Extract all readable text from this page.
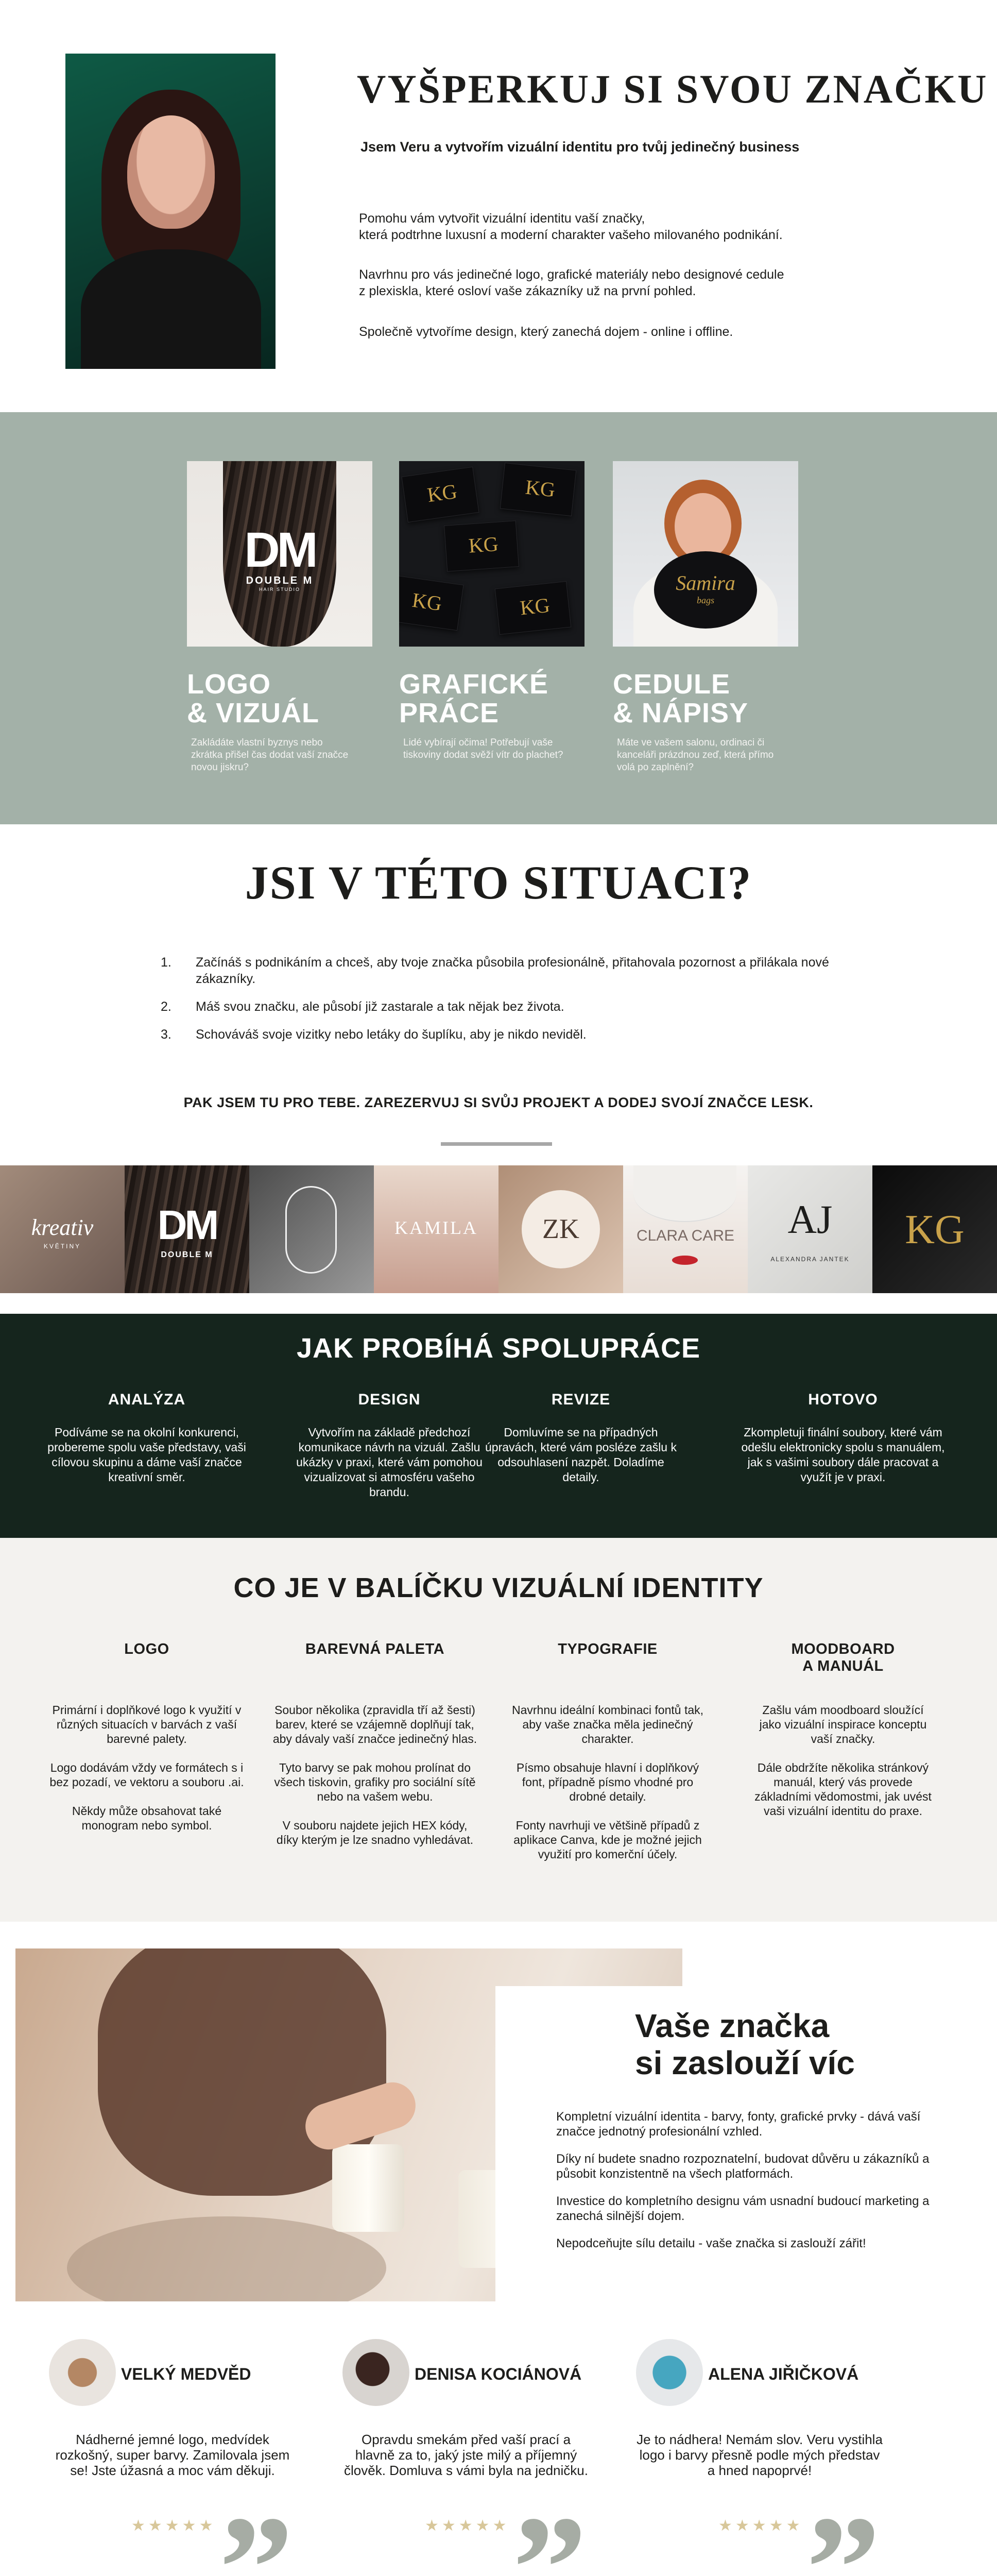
VYŠPERKUJ SI SVOU ZNAČKU
Jsem Veru a vytvořím vizuální identitu pro tvůj jedinečný business
Pomohu vám vytvořit vizuální identitu vaší značky,
která podtrhne luxusní a moderní charakter vašeho milovaného podnikání.
Navrhnu pro vás jedinečné logo, grafické materiály nebo designové cedule
z plexiskla, které osloví vaše zákazníky už na první pohled.
Společně vytvoříme design, který zanechá dojem - online i offline.
DM
DOUBLE M
HAIR STUDIO
LOGO
& VIZUÁL
Zakládáte vlastní byznys nebo zkrátka přišel čas dodat vaší značce novou jiskru?
KG	KG
KG
KG	KG
GRAFICKÉ
PRÁCE
Lidé vybírají očima! Potřebují vaše tiskoviny dodat svěží vítr do plachet?
Samira
bags
CEDULE
& NÁPISY
Máte ve vašem salonu, ordinaci či kanceláři prázdnou zeď, která přímo volá po zaplnění?
JSI V TÉTO SITUACI?
1.	Začínáš s podnikáním a chceš, aby tvoje značka působila profesionálně, přitahovala pozornost a přilákala nové zákazníky.
2.	Máš svou značku, ale působí již zastarale a tak nějak bez života.
3.	Schováváš svoje vizitky nebo letáky do šuplíku, aby je nikdo neviděl.
PAK JSEM TU PRO TEBE. ZAREZERVUJ SI SVŮJ PROJEKT A DODEJ SVOJÍ ZNAČCE LESK.
kreativ
KVĚTINY	DM
DOUBLE M
KAMILA	ZK	CLARA CARE	AJ
ALEXANDRA JANTEK
KG
JAK PROBÍHÁ SPOLUPRÁCE
ANALÝZA

Podíváme se na okolní konkurenci, probereme spolu vaše představy, vaši cílovou skupinu a dáme vaší značce kreativní směr.

DESIGN

Vytvořím na základě předchozí komunikace návrh na vizuál. Zašlu ukázky v praxi, které vám pomohou vizualizovat si atmosféru vašeho brandu.

REVIZE

Domluvíme se na případných úpravách, které vám posléze zašlu k odsouhlasení nazpět. Doladíme detaily.

HOTOVO

Zkompletuji finální soubory, které vám odešlu elektronicky spolu s manuálem, jak s vašimi soubory dále pracovat a využít je v praxi.

CO JE V BALÍČKU VIZUÁLNÍ IDENTITY
LOGO

Primární i doplňkové logo k využití v různých situacích v barvách z vaší barevné palety.

Logo dodávám vždy ve formátech s i bez pozadí, ve vektoru a souboru .ai.

Někdy může obsahovat také monogram nebo symbol.

BAREVNÁ PALETA

Soubor několika (zpravidla tří až šesti) barev, které se vzájemně doplňují tak, aby dávaly vaší značce jedinečný hlas.

Tyto barvy se pak mohou prolínat do všech tiskovin, grafiky pro sociální sítě nebo na vašem webu.

V souboru najdete jejich HEX kódy, díky kterým je lze snadno vyhledávat.

TYPOGRAFIE

Navrhnu ideální kombinaci fontů tak, aby vaše značka měla jedinečný charakter.

Písmo obsahuje hlavní i doplňkový font, případně písmo vhodné pro drobné detaily.

Fonty navrhuji ve většině případů z aplikace Canva, kde je možné jejich využití pro komerční účely.

MOODBOARD A MANUÁL

Zašlu vám moodboard sloužící jako vizuální inspirace konceptu vaší značky.

Dále obdržíte několika stránkový manuál, který vás provede základními vědomostmi, jak uvést vaši vizuální identitu do praxe.

Vaše značka
si zaslouží víc

Kompletní vizuální identita - barvy, fonty, grafické prvky - dává vaší značce jednotný profesionální vzhled.

Díky ní budete snadno rozpoznatelní, budovat důvěru u zákazníků a působit konzistentně na všech platformách.

Investice do kompletního designu vám usnadní budoucí marketing a zanechá silnější dojem.

Nepodceňujte sílu detailu - vaše značka si zaslouží zářit!

VELKÝ MEDVĚD
Nádherné jemné logo, medvídek rozkošný, super barvy. Zamilovala jsem se! Jste úžasná a moc vám děkuji.
★★★★★ ”
DENISA KOCIÁNOVÁ
Opravdu smekám před vaší prací a hlavně za to, jaký jste milý a příjemný člověk. Domluva s vámi byla na jedničku.
★★★★★ ”
ALENA JIŘIČKOVÁ
Je to nádhera! Nemám slov. Veru vystihla logo i barvy přesně podle mých představ a hned napoprvé!
★★★★★ ”
